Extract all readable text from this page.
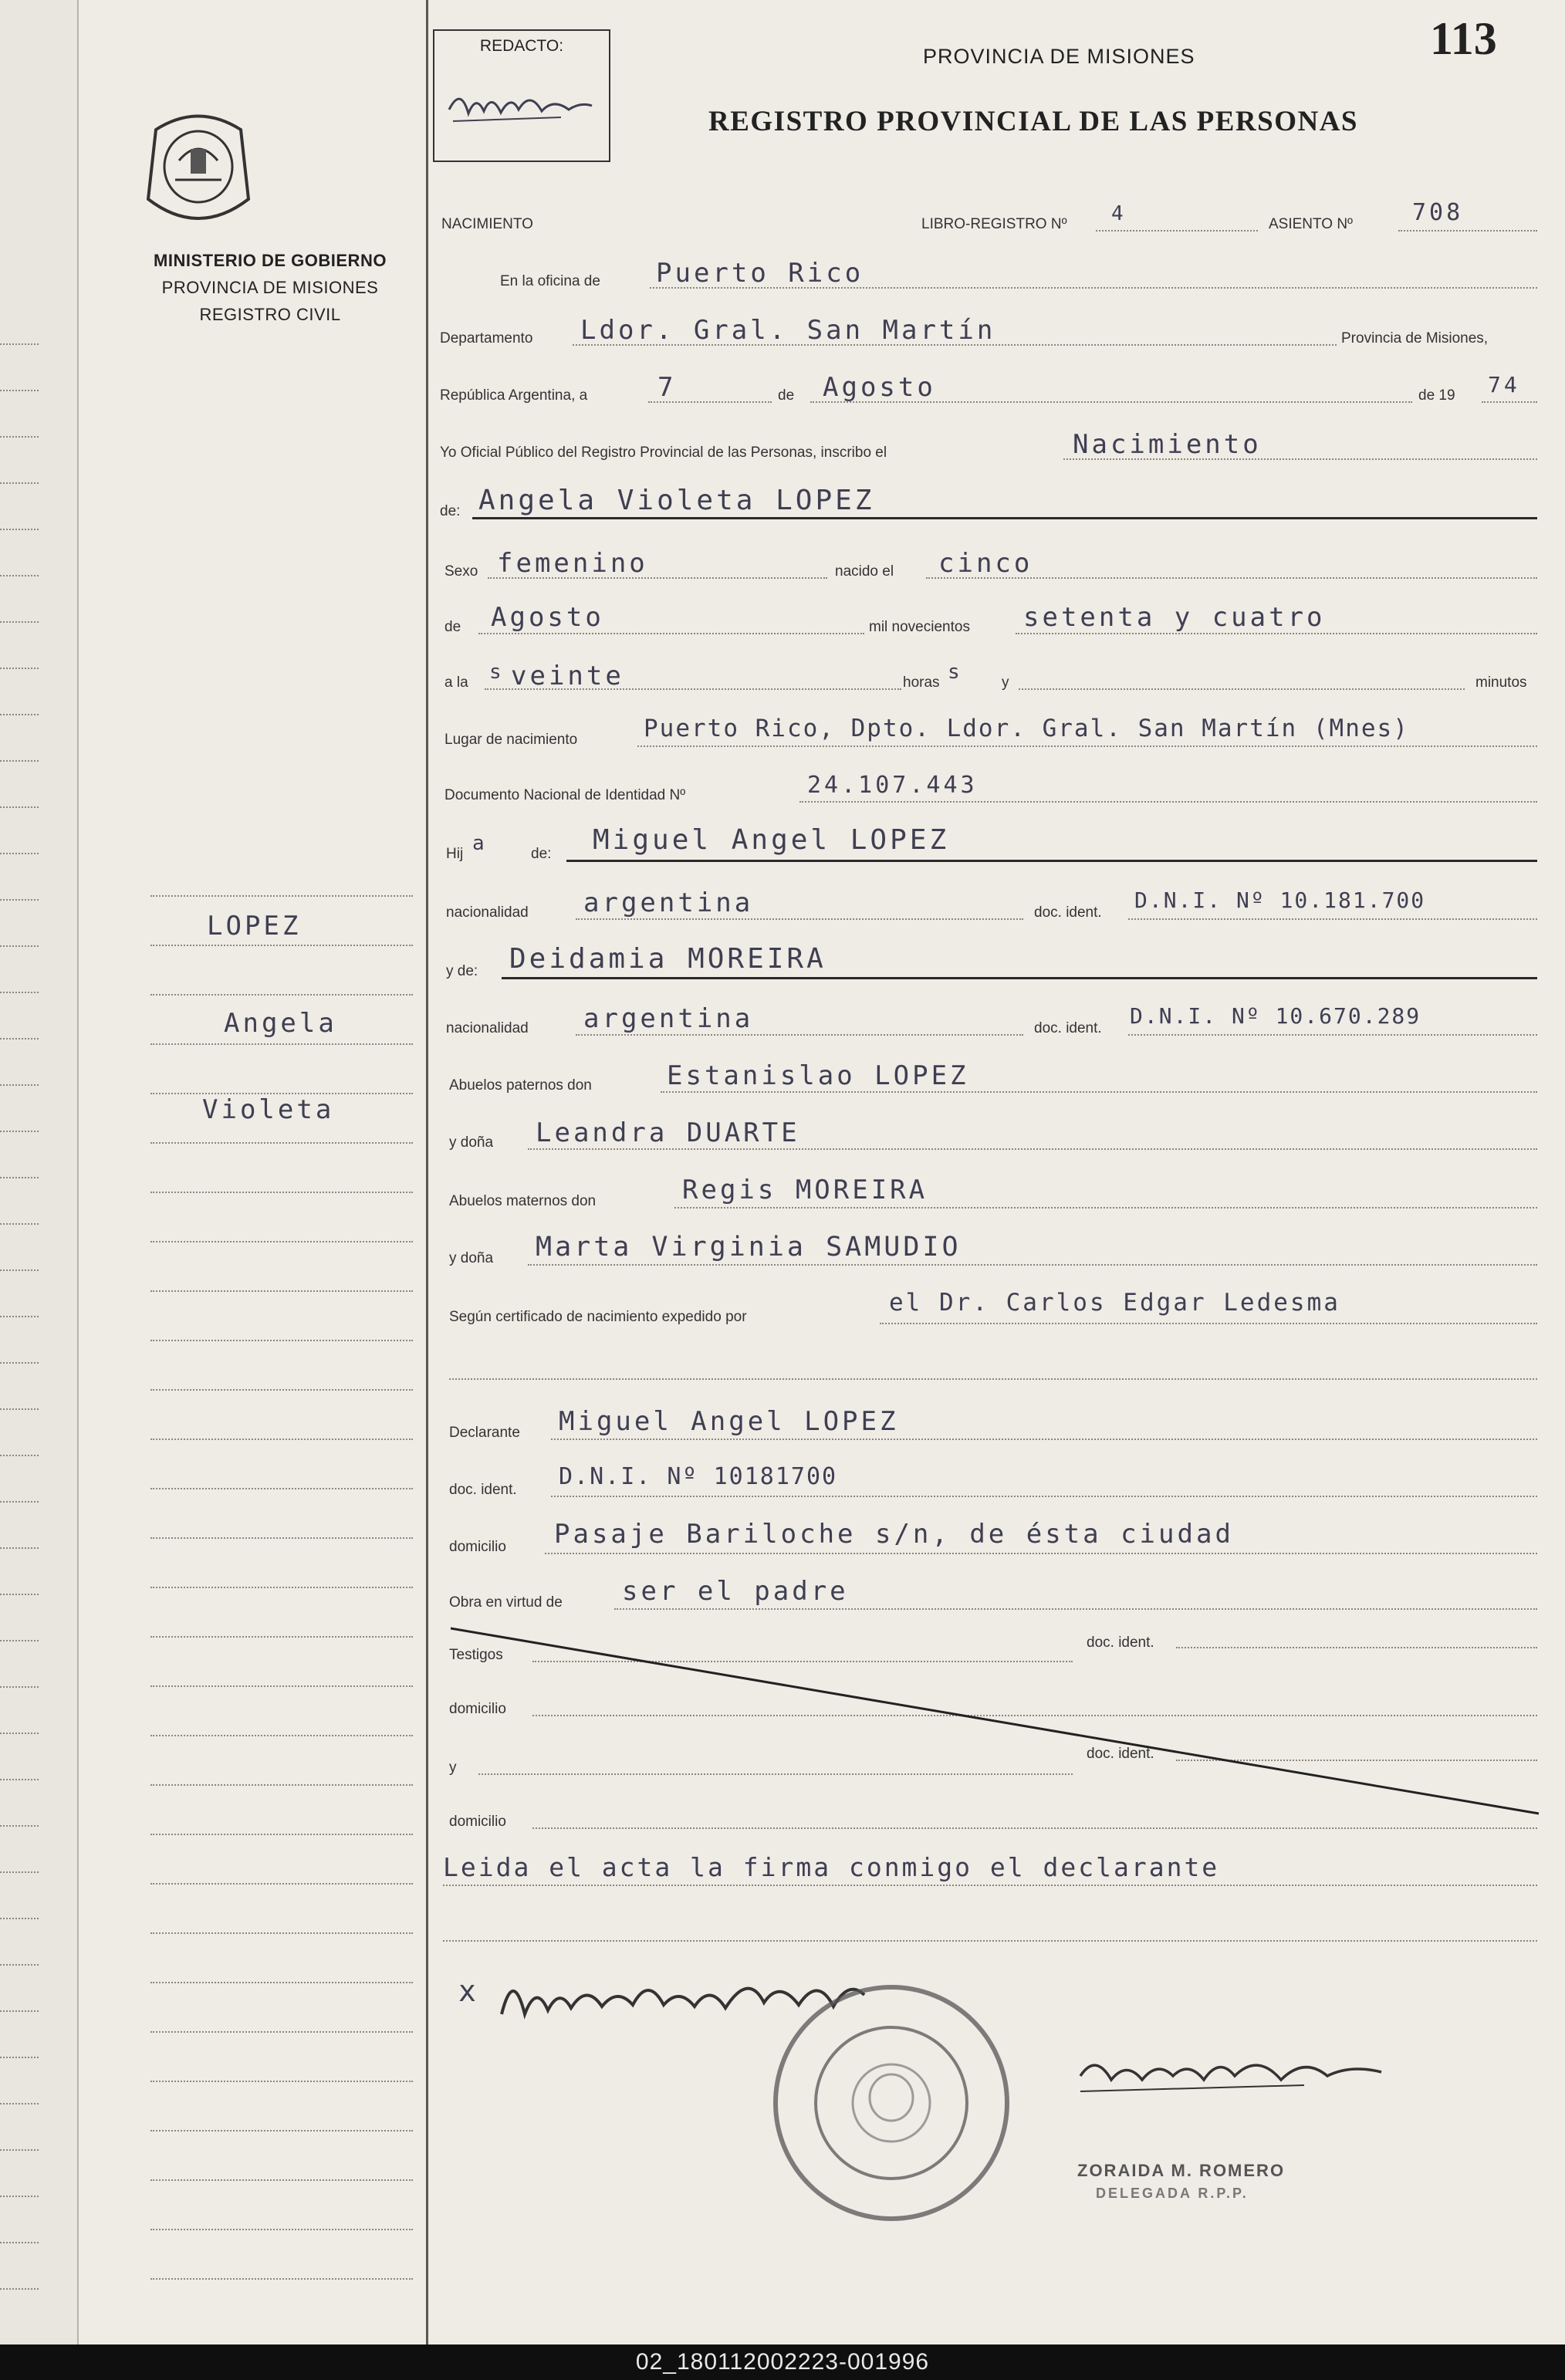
MINISTERIO DE GOBIERNO
PROVINCIA DE MISIONES
REGISTRO CIVIL
LOPEZ
Angela
Violeta
REDACTO:	PROVINCIA DE MISIONES
REGISTRO PROVINCIAL DE LAS PERSONAS
113
NACIMIENTO	LIBRO-REGISTRO Nº 4	ASIENTO Nº	708
En la oficina de Puerto Rico
Departamento Ldor. Gral. San Martín	Provincia de Misiones,
República Argentina, a	7	de Agosto	de 19 74
Yo Oficial Público del Registro Provincial de las Personas, inscribo el	Nacimiento
de: Angela Violeta LOPEZ
Sexo femenino	nacido el cinco
de Agosto	mil novecientos setenta y cuatro
a la s veinte	horas s	y	minutos
Lugar de nacimiento	Puerto Rico, Dpto. Ldor. Gral. San Martín (Mnes)
Documento Nacional de Identidad Nº	24.107.443
Hij a	de: Miguel Angel LOPEZ
nacionalidad argentina	doc. ident. D.N.I. Nº 10.181.700
y de: Deidamia MOREIRA
nacionalidad argentina	doc. ident. D.N.I. Nº 10.670.289
Abuelos paternos don	Estanislao LOPEZ
y doña Leandra DUARTE
Abuelos maternos don	Regis MOREIRA
y doña Marta Virginia SAMUDIO
Según certificado de nacimiento expedido por
el Dr. Carlos Edgar Ledesma
Declarante Miguel Angel LOPEZ
doc. ident. D.N.I. Nº 10181700
domicilio Pasaje Bariloche s/n, de ésta ciudad
Obra en virtud de ser el padre
Testigos
doc. ident.
domicilio
y
doc. ident.
domicilio
Leida el acta la firma conmigo el declarante
x
ZORAIDA M. ROMERO
DELEGADA R.P.P.
02_180112002223-001996
